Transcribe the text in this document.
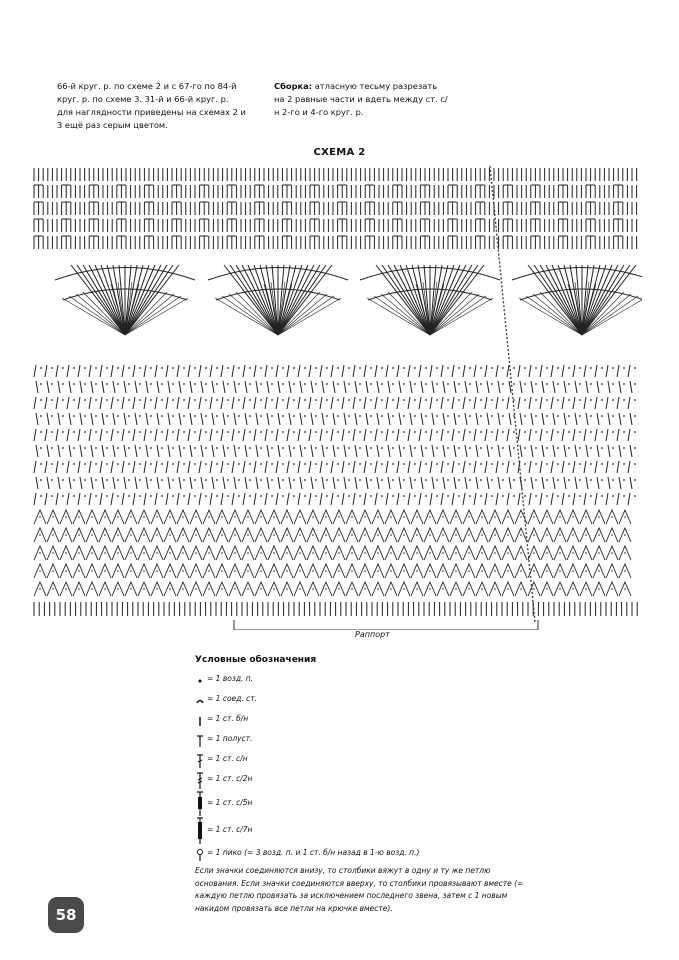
66-й круг. р. по схеме 2 и с 67-го по 84-й круг. р. по схеме 3. 31-й и 66-й круг. р. для наглядности приведены на схемах 2 и 3 ещё раз серым цветом.
Сборка: атласную тесьму разрезать на 2 равные части и вдеть между ст. с/н 2-го и 4-го круг. р.
СХЕМА 2
Раппорт
Условные обозначения
= 1 возд. п.
= 1 соед. ст.
= 1 ст. б/н
= 1 полуст.
= 1 ст. с/н
= 1 ст. с/2н
= 1 ст. с/5н
= 1 ст. с/7н
= 1 пико (= 3 возд. п. и 1 ст. б/н назад в 1-ю возд. п.)
Если значки соединяются внизу, то столбики вяжут в одну и ту же петлю основания. Если значки соединяются вверху, то столбики провязывают вместе (= каждую петлю провязать за исключением последнего звена, затем с 1 новым накидом провязать все петли на крючке вместе).
58
